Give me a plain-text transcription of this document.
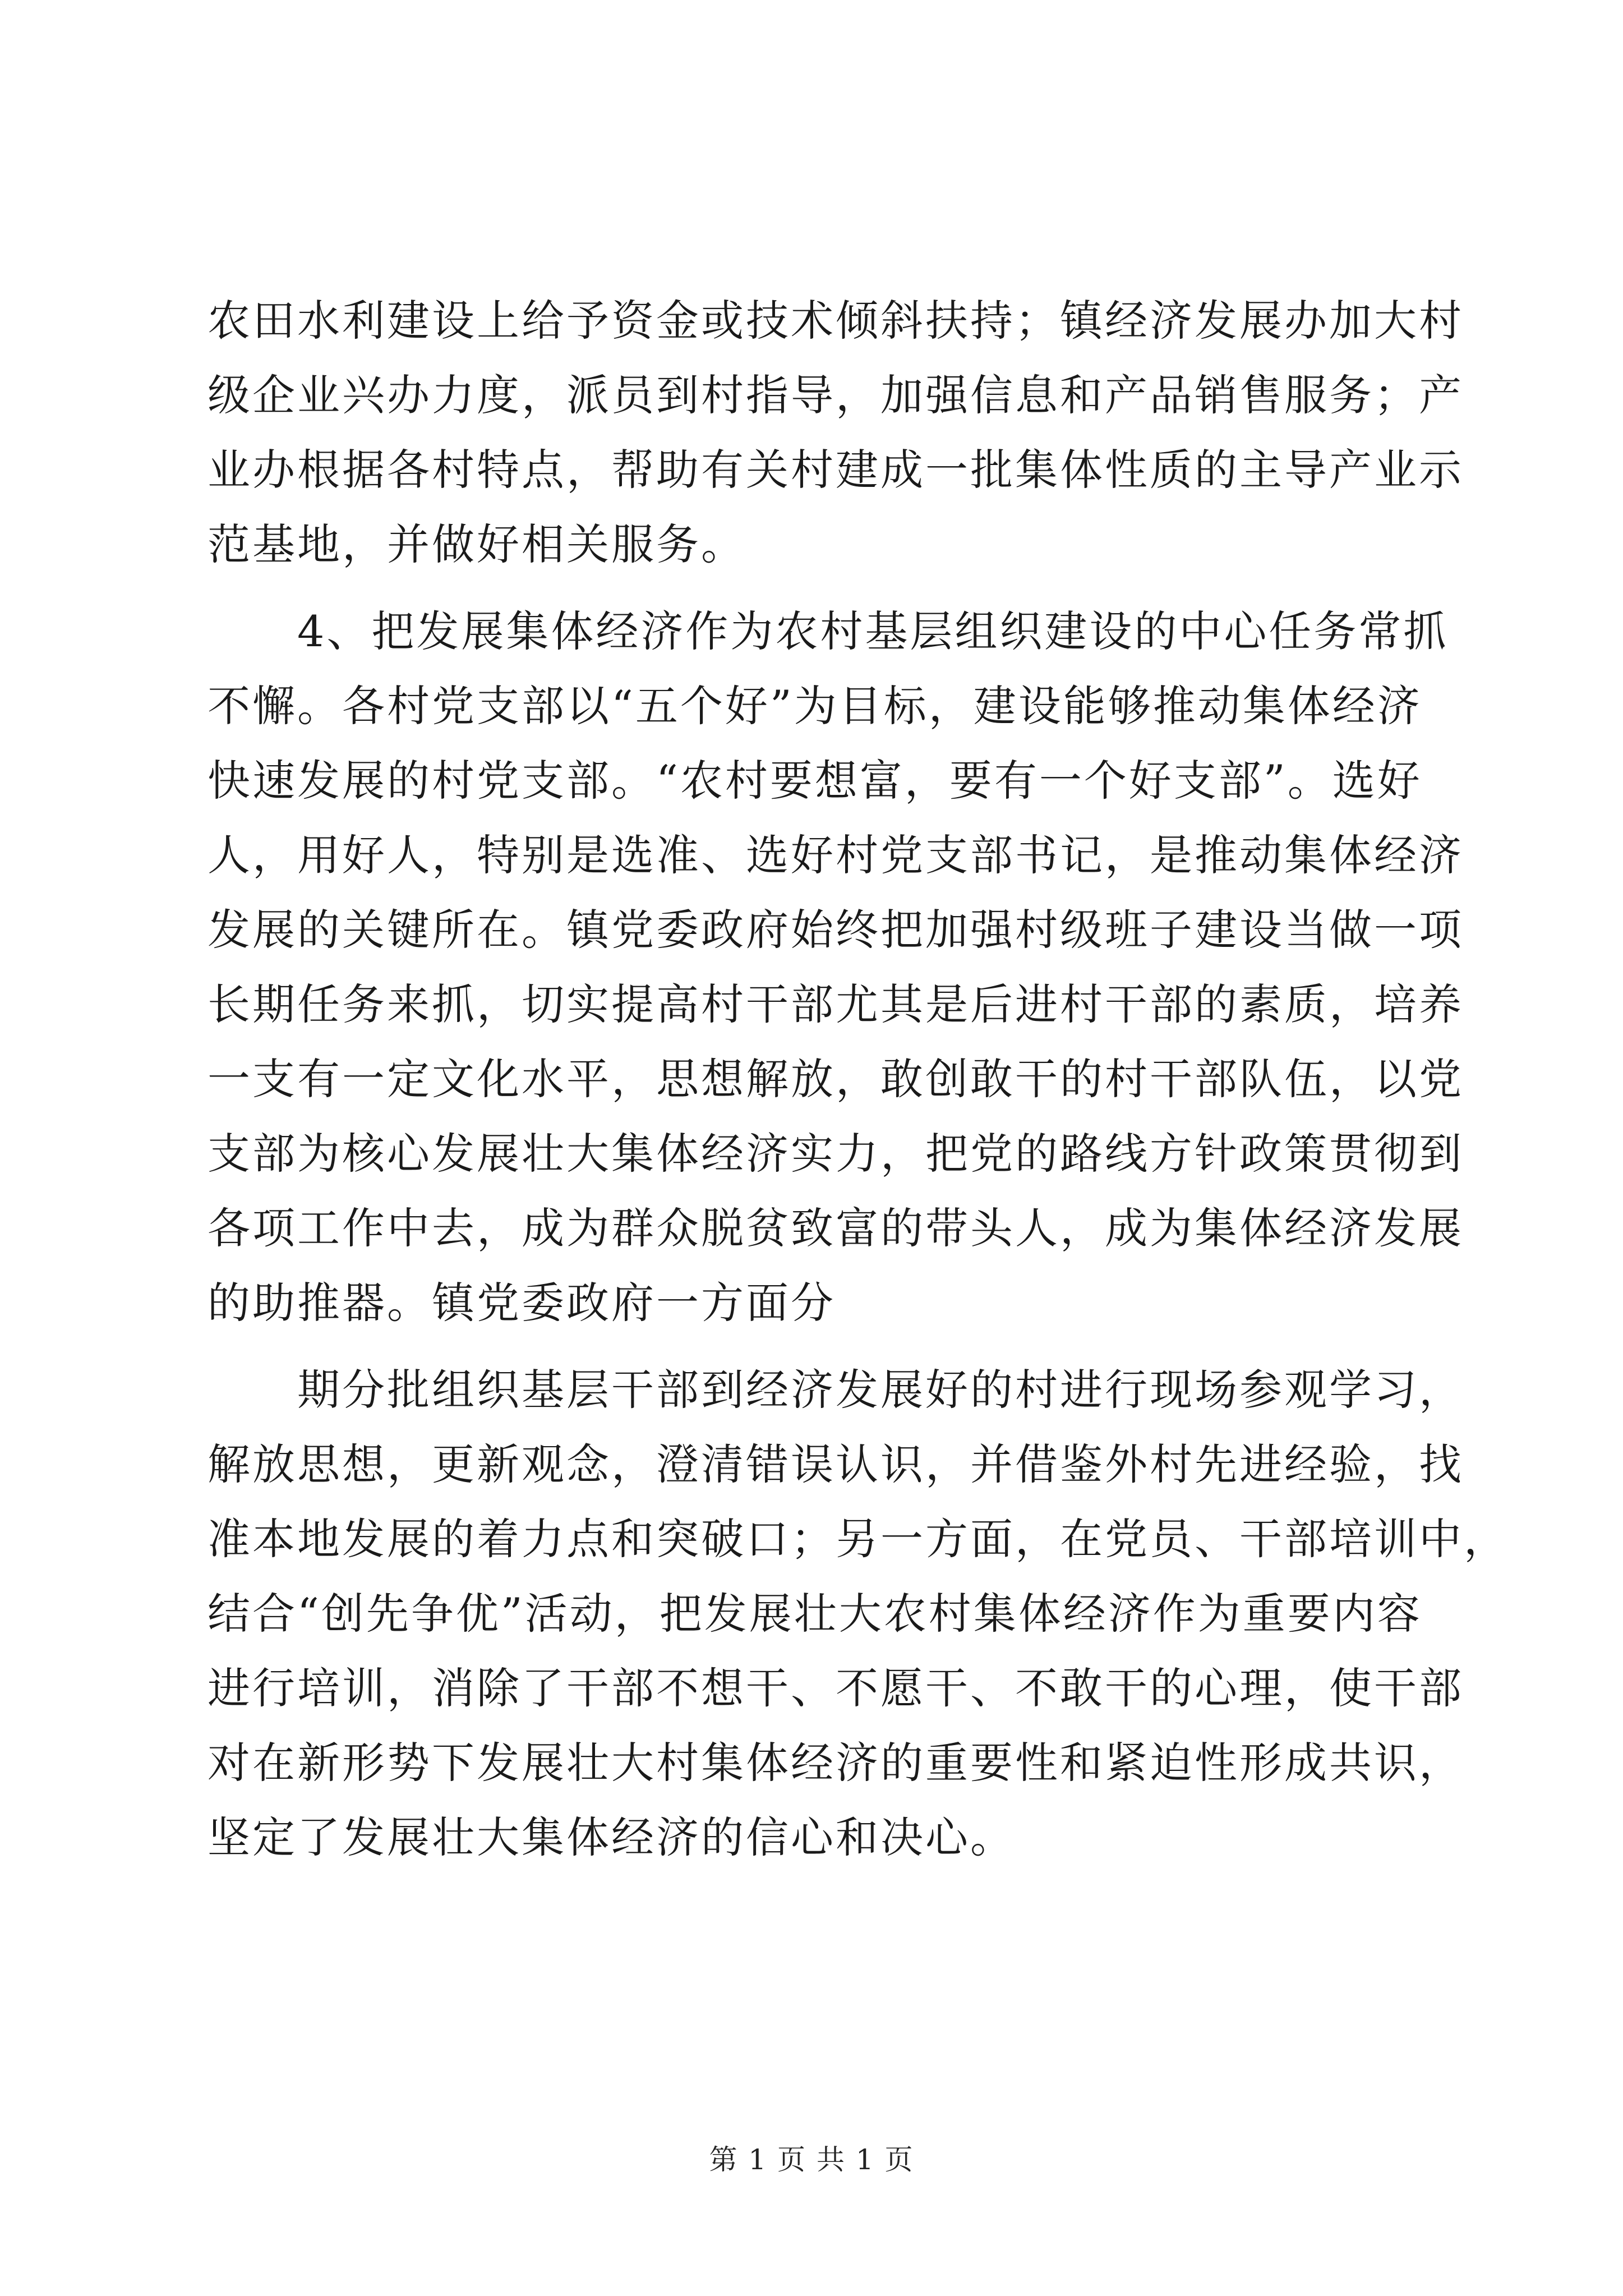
农田水利建设上给予资金或技术倾斜扶持；镇经济发展办加大村
级企业兴办力度，派员到村指导，加强信息和产品销售服务；产
业办根据各村特点，帮助有关村建成一批集体性质的主导产业示
范基地，并做好相关服务。
4、把发展集体经济作为农村基层组织建设的中心任务常抓
不懈。各村党支部以“五个好”为目标，建设能够推动集体经济
快速发展的村党支部。“农村要想富，要有一个好支部”。选好
人，用好人，特别是选准、选好村党支部书记，是推动集体经济
发展的关键所在。镇党委政府始终把加强村级班子建设当做一项
长期任务来抓，切实提高村干部尤其是后进村干部的素质，培养
一支有一定文化水平，思想解放，敢创敢干的村干部队伍，以党
支部为核心发展壮大集体经济实力，把党的路线方针政策贯彻到
各项工作中去，成为群众脱贫致富的带头人，成为集体经济发展
的助推器。镇党委政府一方面分
期分批组织基层干部到经济发展好的村进行现场参观学习，
解放思想，更新观念，澄清错误认识，并借鉴外村先进经验，找
准本地发展的着力点和突破口；另一方面，在党员、干部培训中，
结合“创先争优”活动，把发展壮大农村集体经济作为重要内容
进行培训，消除了干部不想干、不愿干、不敢干的心理，使干部
对在新形势下发展壮大村集体经济的重要性和紧迫性形成共识，
坚定了发展壮大集体经济的信心和决心。
第 1 页 共 1 页
